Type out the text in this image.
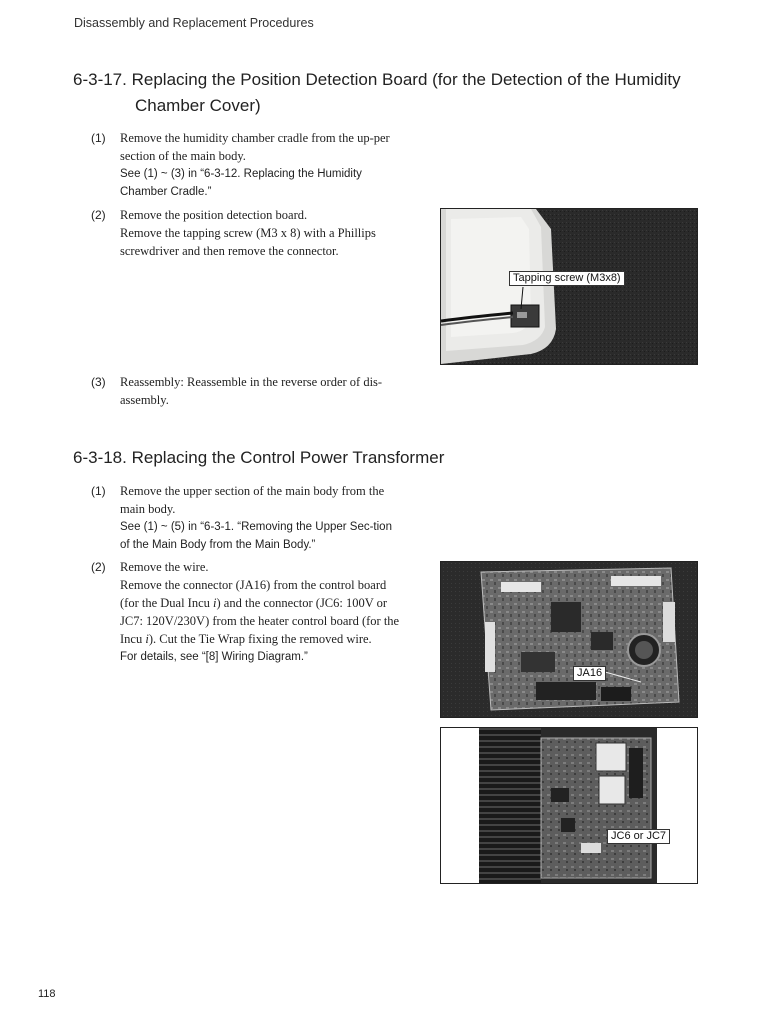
Disassembly and Replacement Procedures
6-3-17. Replacing the Position Detection Board (for the Detection of the Humidity
Chamber Cover)
(1) Remove the humidity chamber cradle from the up-per section of the main body.
See (1) ~ (3) in “6-3-12. Replacing the Humidity Chamber Cradle.”
(2) Remove the position detection board.
Remove the tapping screw (M3 x 8) with a Phillips screwdriver and then remove the connector.
(3) Reassembly: Reassemble in the reverse order of dis-assembly.
Tapping screw (M3x8)
6-3-18. Replacing the Control Power Transformer
(1) Remove the upper section of the main body from the main body.
See (1) ~ (5) in “6-3-1. “Removing the Upper Sec-tion of the Main Body from the Main Body.”
(2) Remove the wire.
Remove the connector (JA16) from the control board (for the Dual Incu i) and the connector (JC6: 100V or JC7: 120V/230V) from the heater control board (for the Incu i). Cut the Tie Wrap fixing the removed wire.
For details, see “[8] Wiring Diagram.”
JA16
JC6 or JC7
118
